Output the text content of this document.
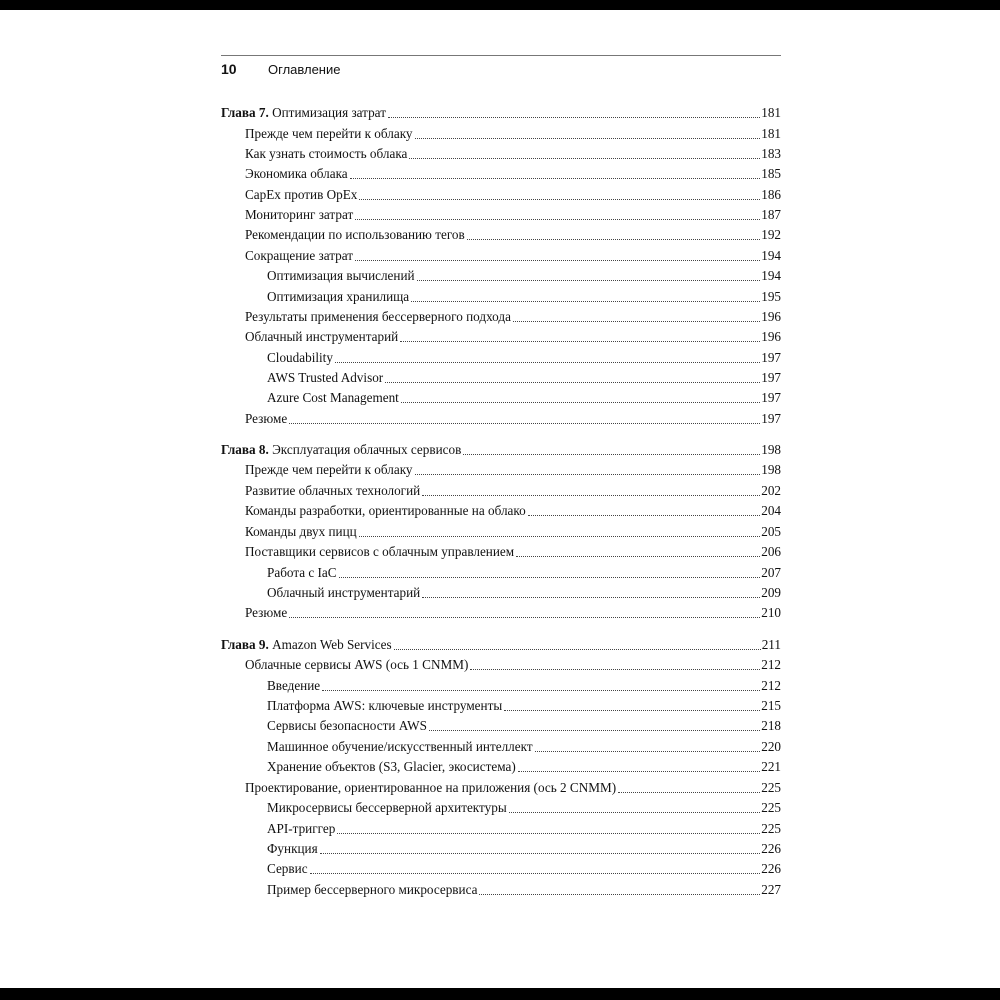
10	Оглавление
Глава 7. Оптимизация затрат	181
Прежде чем перейти к облаку	181
Как узнать стоимость облака	183
Экономика облака	185
CapEx против OpEx	186
Мониторинг затрат	187
Рекомендации по использованию тегов	192
Сокращение затрат	194
Оптимизация вычислений	194
Оптимизация хранилища	195
Результаты применения бессерверного подхода	196
Облачный инструментарий	196
Cloudability	197
AWS Trusted Advisor	197
Azure Cost Management	197
Резюме	197
Глава 8. Эксплуатация облачных сервисов	198
Прежде чем перейти к облаку	198
Развитие облачных технологий	202
Команды разработки, ориентированные на облако	204
Команды двух пицц	205
Поставщики сервисов с облачным управлением	206
Работа с IaC	207
Облачный инструментарий	209
Резюме	210
Глава 9. Amazon Web Services	211
Облачные сервисы AWS (ось 1 CNMM)	212
Введение	212
Платформа AWS: ключевые инструменты	215
Сервисы безопасности AWS	218
Машинное обучение/искусственный интеллект	220
Хранение объектов (S3, Glacier, экосистема)	221
Проектирование, ориентированное на приложения (ось 2 CNMM)	225
Микросервисы бессерверной архитектуры	225
API-триггер	225
Функция	226
Сервис	226
Пример бессерверного микросервиса	227
